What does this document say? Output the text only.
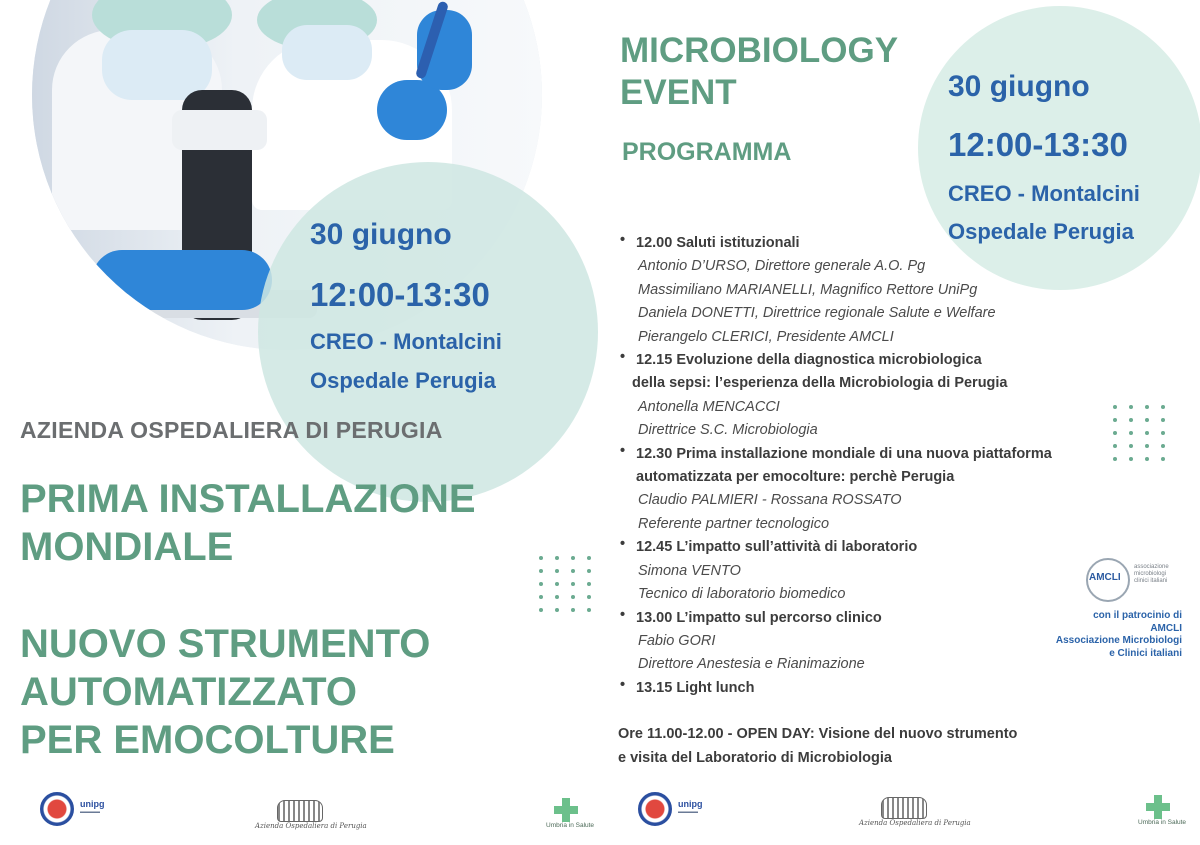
30 giugno
12:00-13:30
CREO - Montalcini
Ospedale Perugia
AZIENDA OSPEDALIERA DI PERUGIA
PRIMA INSTALLAZIONE
MONDIALE
NUOVO STRUMENTO
AUTOMATIZZATO
PER EMOCOLTURE
unipg
▬▬▬▬
Azienda Ospedaliera di Perugia	Umbria in Salute
MICROBIOLOGY
EVENT
PROGRAMMA
30 giugno
12:00-13:30
CREO - Montalcini
Ospedale Perugia
• 12.00 Saluti istituzionali
Antonio D’URSO, Direttore generale A.O. Pg
Massimiliano MARIANELLI, Magnifico Rettore UniPg
Daniela DONETTI, Direttrice regionale Salute e Welfare
Pierangelo CLERICI, Presidente AMCLI
• 12.15 Evoluzione della diagnostica microbiologica
della sepsi: l’esperienza della Microbiologia di Perugia
Antonella MENCACCI
Direttrice S.C. Microbiologia
• 12.30 Prima installazione mondiale di una nuova piattaforma
automatizzata per emocolture: perchè Perugia
Claudio PALMIERI - Rossana ROSSATO
Referente partner tecnologico
• 12.45 L’impatto sull’attività di laboratorio
Simona VENTO
Tecnico di laboratorio biomedico
• 13.00 L’impatto sul percorso clinico
Fabio GORI
Direttore Anestesia e Rianimazione
• 13.15 Light lunch
Ore 11.00-12.00 - OPEN DAY: Visione del nuovo strumento
e visita del Laboratorio di Microbiologia
AMCLI
associazione
microbiologi
clinici italiani
con il patrocinio di
AMCLI
Associazione Microbiologi
e Clinici italiani
unipg
▬▬▬▬
Azienda Ospedaliera di Perugia	Umbria in Salute
